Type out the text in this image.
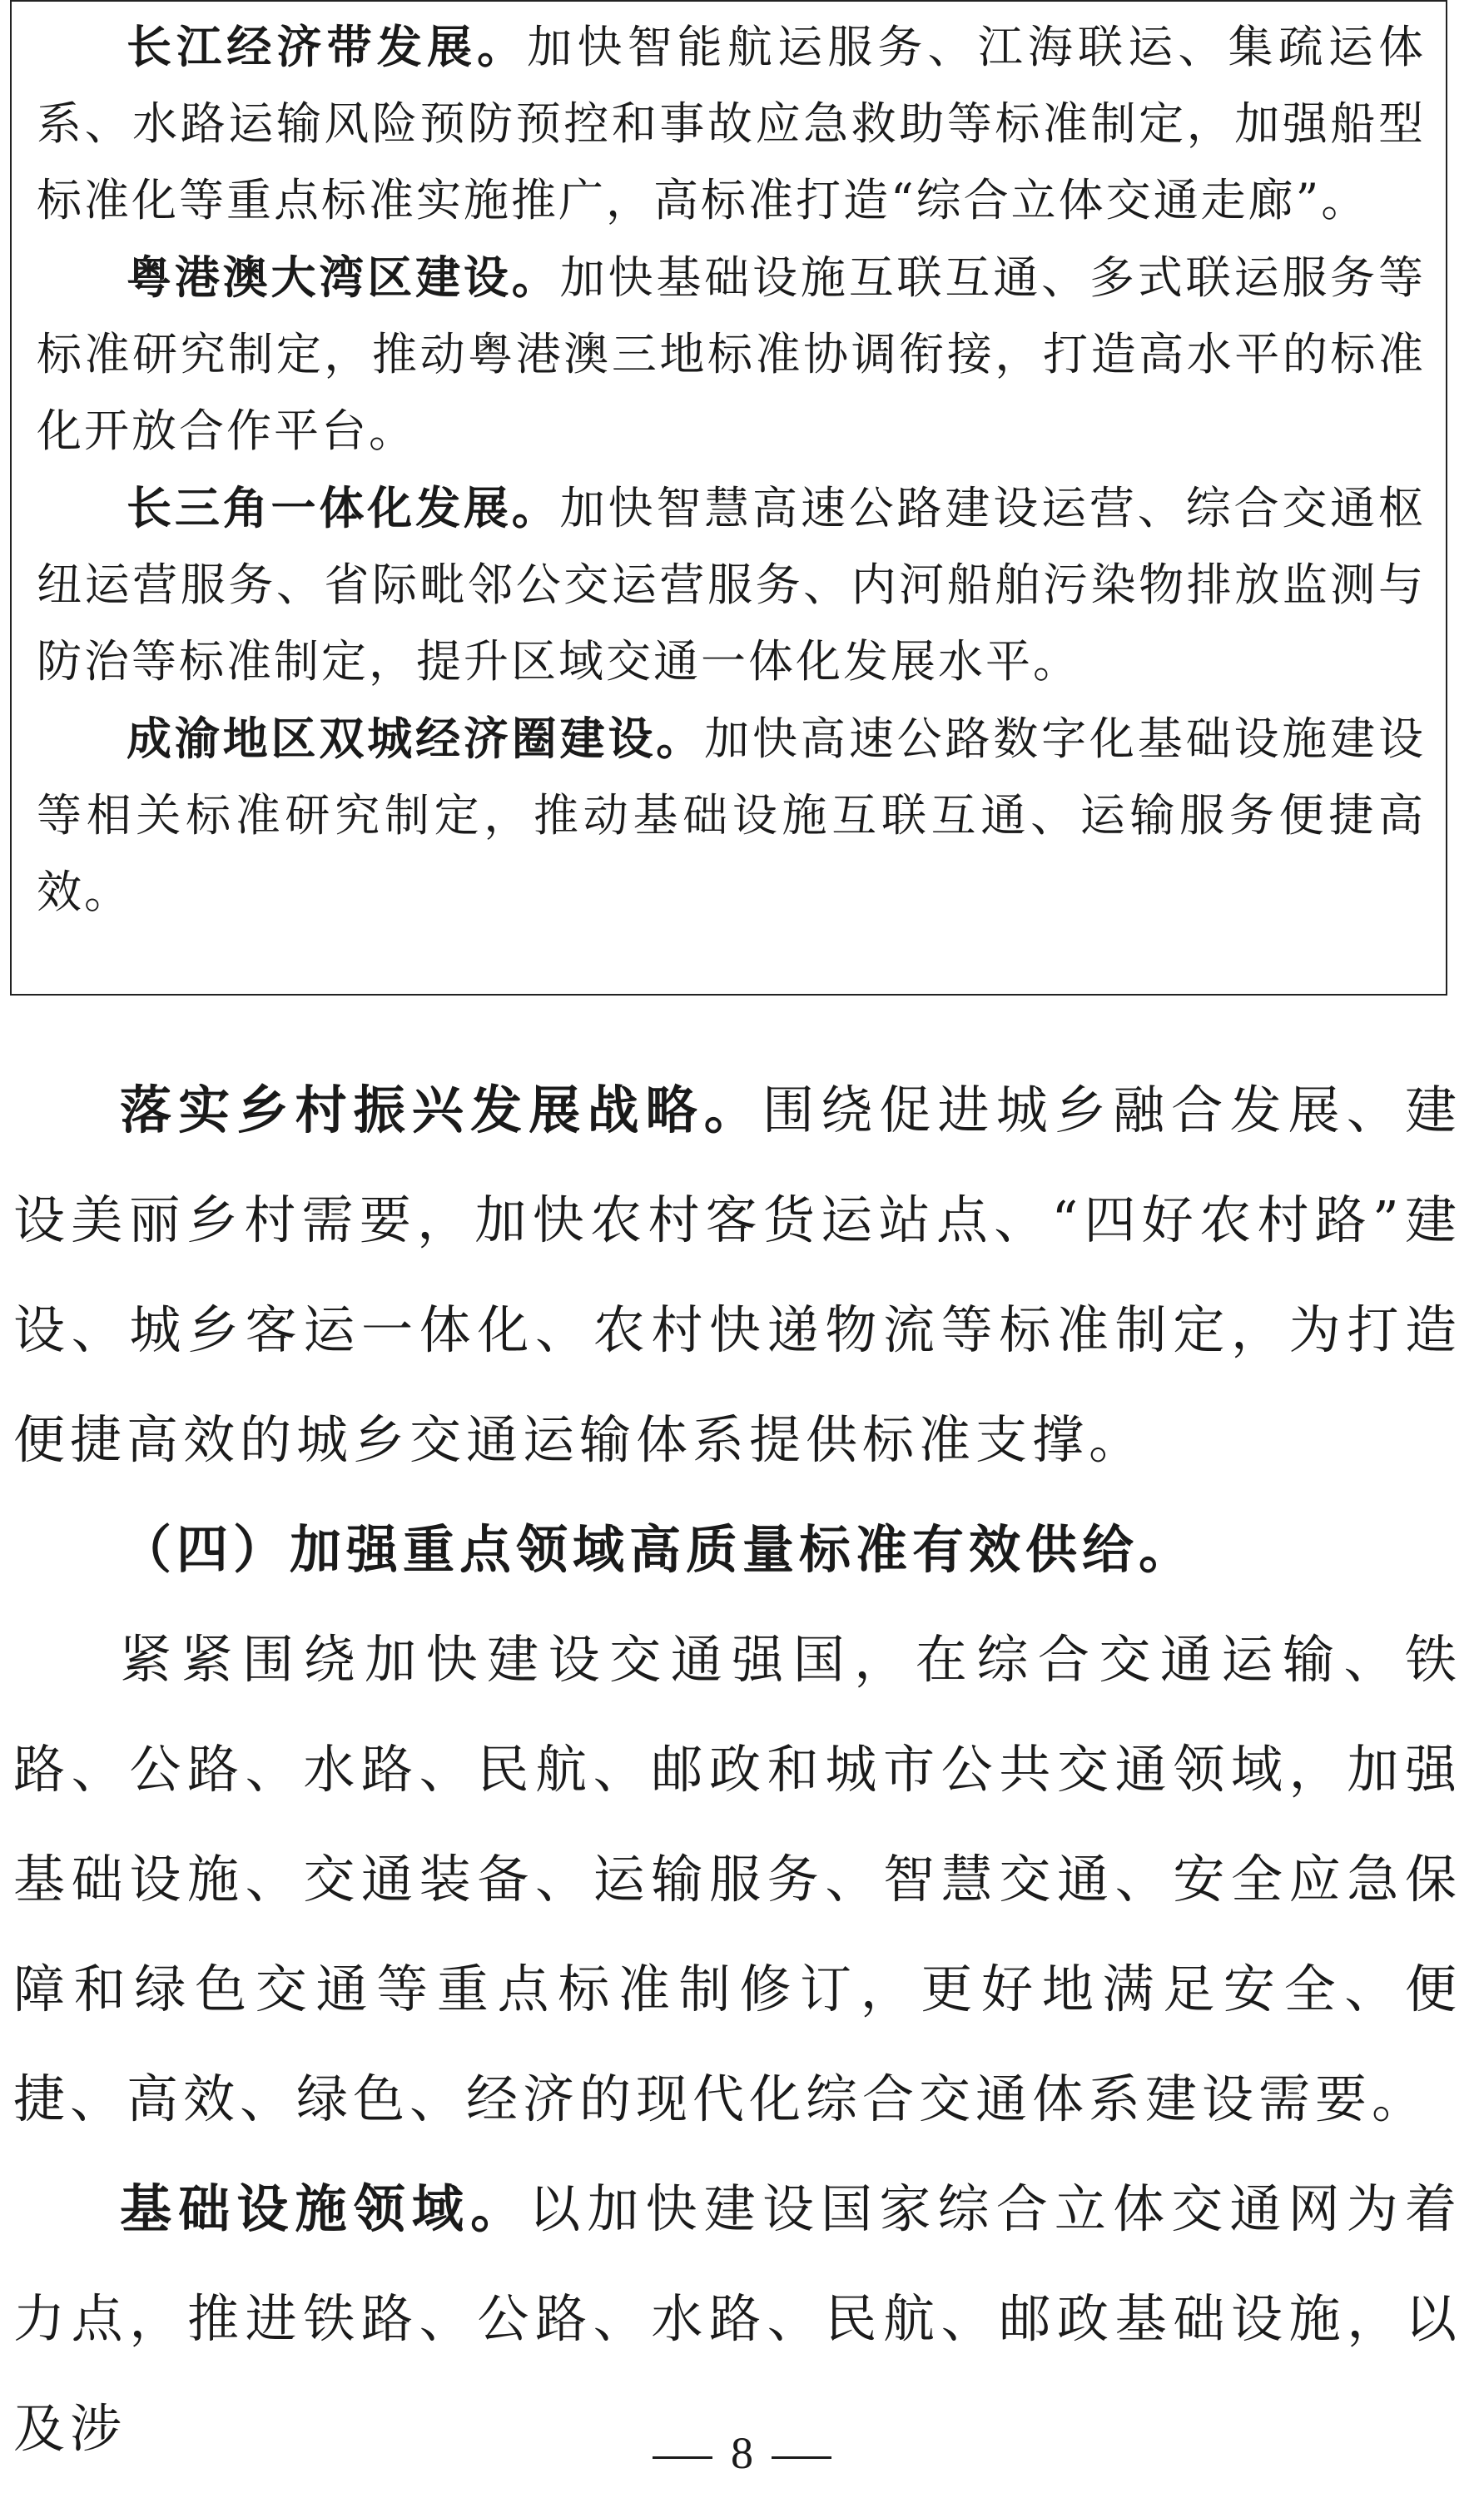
长江经济带发展。加快智能航运服务、江海联运、集疏运体系、水路运输风险预防预控和事故应急救助等标准制定，加强船型标准化等重点标准实施推广，高标准打造“综合立体交通走廊”。

粤港澳大湾区建设。加快基础设施互联互通、多式联运服务等标准研究制定，推动粤港澳三地标准协调衔接，打造高水平的标准化开放合作平台。

长三角一体化发展。加快智慧高速公路建设运营、综合交通枢纽运营服务、省际毗邻公交运营服务、内河船舶污染物排放监测与防治等标准制定，提升区域交通一体化发展水平。

成渝地区双城经济圈建设。加快高速公路数字化基础设施建设等相关标准研究制定，推动基础设施互联互通、运输服务便捷高效。

落实乡村振兴发展战略。围绕促进城乡融合发展、建设美丽乡村需要，加快农村客货运站点、“四好农村路”建设、城乡客运一体化、农村快递物流等标准制定，为打造便捷高效的城乡交通运输体系提供标准支撑。

（四）加强重点领域高质量标准有效供给。

紧紧围绕加快建设交通强国，在综合交通运输、铁路、公路、水路、民航、邮政和城市公共交通领域，加强基础设施、交通装备、运输服务、智慧交通、安全应急保障和绿色交通等重点标准制修订，更好地满足安全、便捷、高效、绿色、经济的现代化综合交通体系建设需要。

基础设施领域。以加快建设国家综合立体交通网为着力点，推进铁路、公路、水路、民航、邮政基础设施，以及涉	8
